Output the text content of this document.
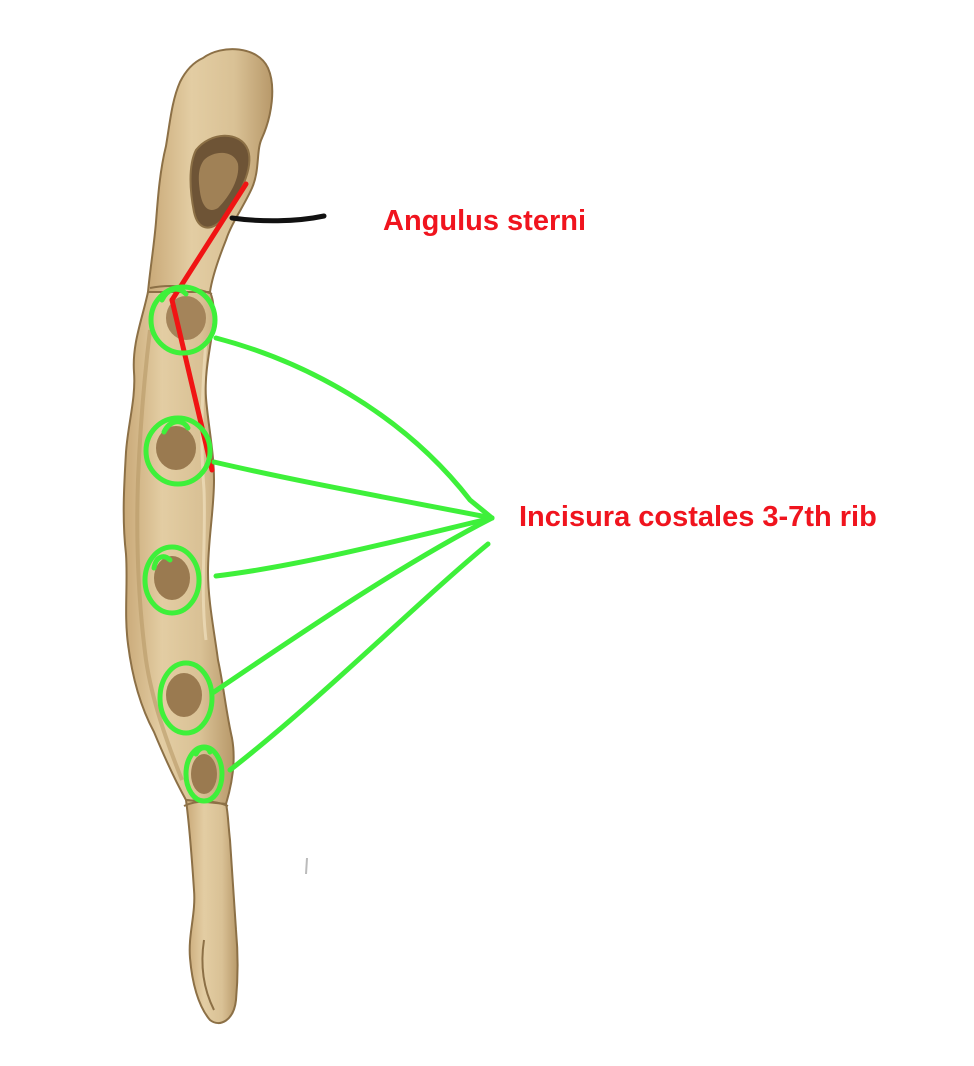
Angulus sterni
Incisura costales 3-7th rib
